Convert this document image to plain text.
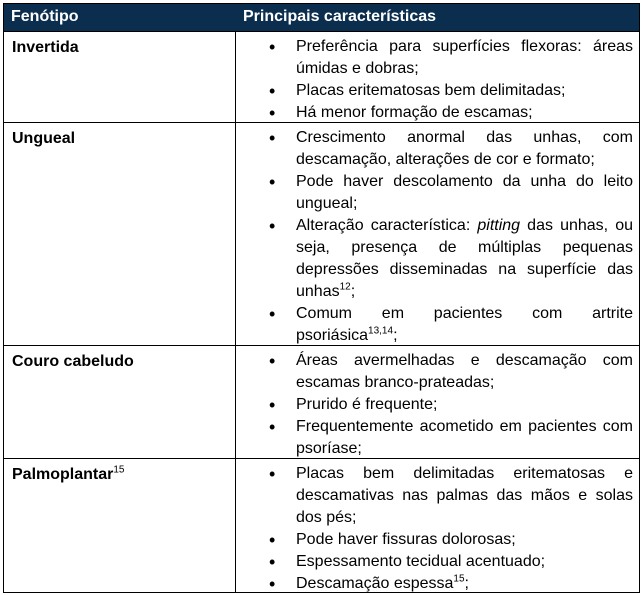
Fenótipo	Principais características
Invertida	• Preferência para superfícies flexoras: áreas úmidas e dobras;
• Placas eritematosas bem delimitadas;
• Há menor formação de escamas;
Ungueal	• Crescimento anormal das unhas, com descamação, alterações de cor e formato;
• Pode haver descolamento da unha do leito ungueal;
• Alteração característica: pitting das unhas, ou seja, presença de múltiplas pequenas depressões disseminadas na superfície das unhas$^{12}$;
• Comum em pacientes com artrite psoriásica$^{13,14}$;
Couro cabeludo	• Áreas avermelhadas e descamação com escamas branco-prateadas;
• Prurido é frequente;
• Frequentemente acometido em pacientes com psoríase;
Palmoplantar$^{15}$	• Placas bem delimitadas eritematosas e descamativas nas palmas das mãos e solas dos pés;
• Pode haver fissuras dolorosas;
• Espessamento tecidual acentuado;
• Descamação espessa$^{15}$;
